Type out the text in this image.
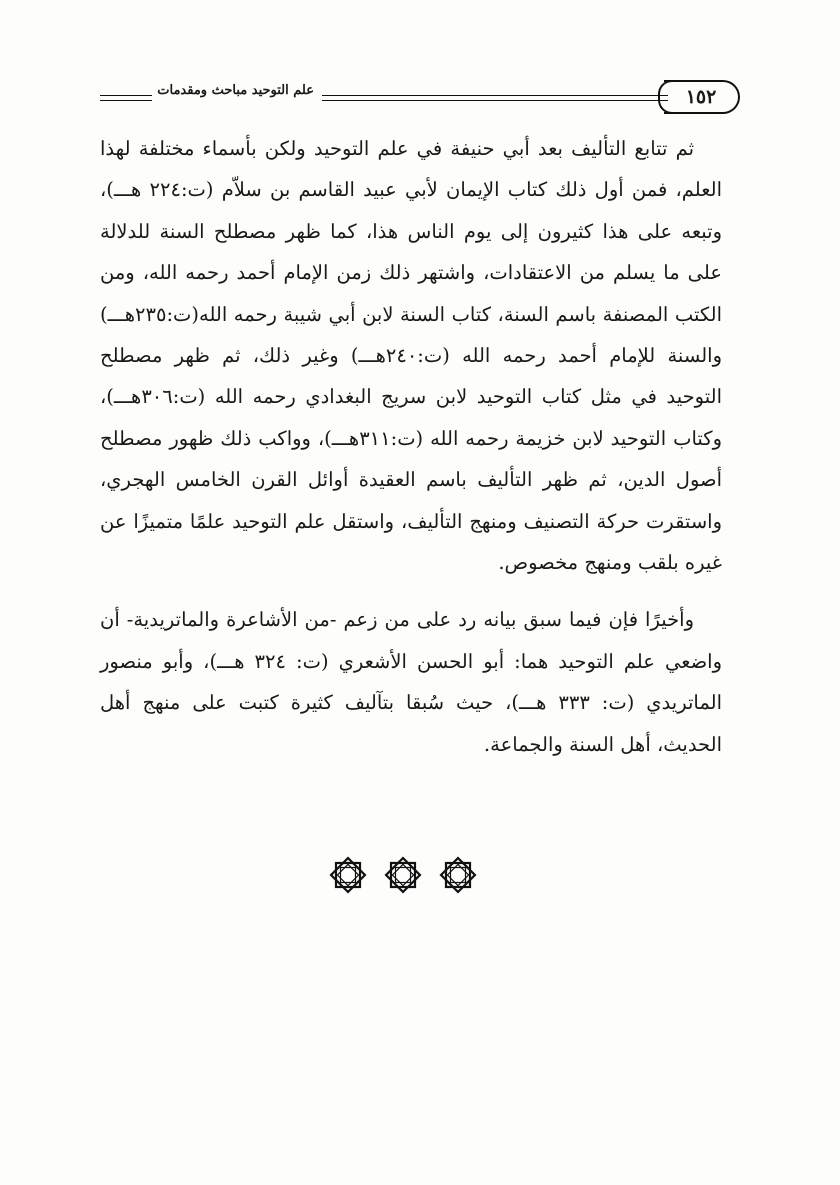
١٥٢
علم التوحيد مباحث ومقدمات

ثم تتابع التأليف بعد أبي حنيفة في علم التوحيد ولكن بأسماء مختلفة لهذا العلم، فمن أول ذلك كتاب الإيمان لأبي عبيد القاسم بن سلاّم (ت:٢٢٤ هـــ)، وتبعه على هذا كثيرون إلى يوم الناس هذا، كما ظهر مصطلح السنة للدلالة على ما يسلم من الاعتقادات، واشتهر ذلك زمن الإمام أحمد رحمه الله، ومن الكتب المصنفة باسم السنة، كتاب السنة لابن أبي شيبة رحمه الله(ت:٢٣٥هـــ) والسنة للإمام أحمد رحمه الله (ت:٢٤٠هـــ) وغير ذلك، ثم ظهر مصطلح التوحيد في مثل كتاب التوحيد لابن سريج البغدادي رحمه الله (ت:٣٠٦هـــ)، وكتاب التوحيد لابن خزيمة رحمه الله (ت:٣١١هـــ)، وواكب ذلك ظهور مصطلح أصول الدين، ثم ظهر التأليف باسم العقيدة أوائل القرن الخامس الهجري، واستقرت حركة التصنيف ومنهج التأليف، واستقل علم التوحيد علمًا متميزًا عن غيره بلقب ومنهج مخصوص.

وأخيرًا فإن فيما سبق بيانه رد على من زعم -من الأشاعرة والماتريدية- أن واضعي علم التوحيد هما: أبو الحسن الأشعري (ت: ٣٢٤ هـــ)، وأبو منصور الماتريدي (ت: ٣٣٣ هـــ)، حيث سُبقا بتآليف كثيرة كتبت على منهج أهل الحديث، أهل السنة والجماعة.
